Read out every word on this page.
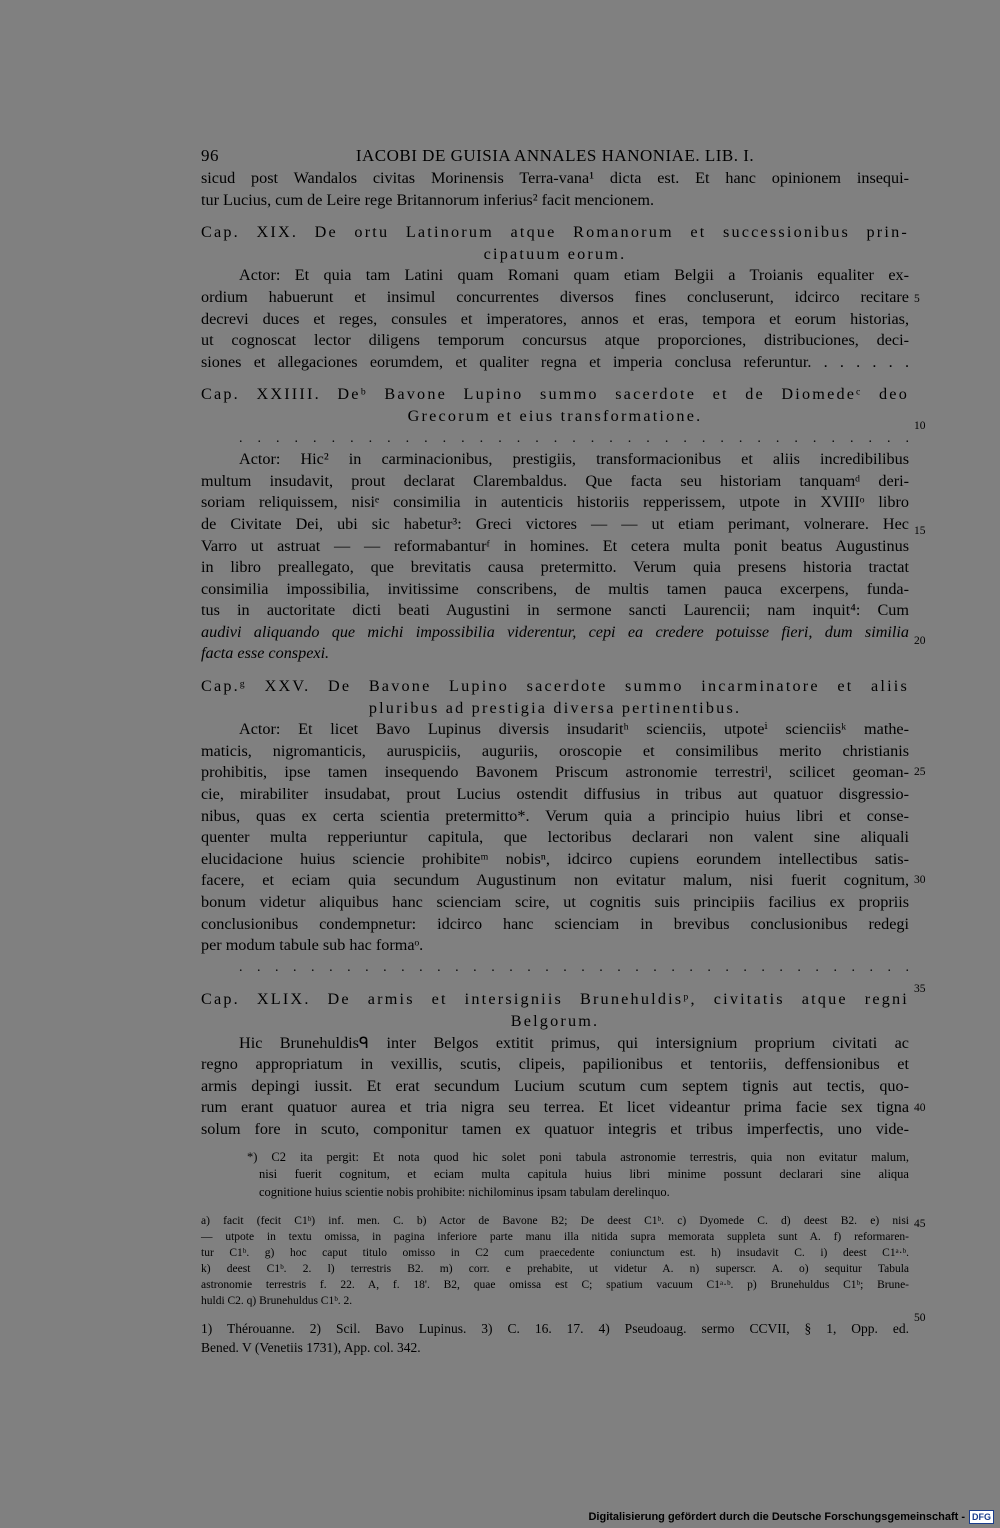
96	IACOBI DE GUISIA ANNALES HANONIAE. LIB. I.
sicud post Wandalos civitas Morinensis Terra-vana¹ dicta est. Et hanc opinionem insequi-
tur Lucius, cum de Leire rege Britannorum inferius² facit mencionem.
Cap. XIX. De ortu Latinorum atque Romanorum et successionibus prin-
cipatuum eorum.
Actor: Et quia tam Latini quam Romani quam etiam Belgii a Troianis equaliter ex-
ordium habuerunt et insimul concurrentes diversos fines concluserunt, idcirco recitare
decrevi duces et reges, consules et imperatores, annos et eras, tempora et eorum historias,
ut cognoscat lector diligens temporum concursus atque proporciones, distribuciones, deci-
siones et allegaciones eorumdem, et qualiter regna et imperia conclusa referuntur. . . . . . .
Cap. XXIIII. Deᵇ Bavone Lupino summo sacerdote et de Diomedeᶜ deo
Grecorum et eius transformatione.
. . . . . . . . . . . . . . . . . . . . . . . . . . . . . . . . . . . . .
Actor: Hic² in carminacionibus, prestigiis, transformacionibus et aliis incredibilibus
multum insudavit, prout declarat Clarembaldus. Que facta seu historiam tanquamᵈ deri-
soriam reliquissem, nisiᵉ consimilia in autenticis historiis repperissem, utpote in XVIIIᵒ libro
de Civitate Dei, ubi sic habetur³: Greci victores — — ut etiam perimant, volnerare. Hec
Varro ut astruat — — reformabanturᶠ in homines. Et cetera multa ponit beatus Augustinus
in libro preallegato, que brevitatis causa pretermitto. Verum quia presens historia tractat
consimilia impossibilia, invitissime conscribens, de multis tamen pauca excerpens, funda-
tus in auctoritate dicti beati Augustini in sermone sancti Laurencii; nam inquit⁴: Cum
audivi aliquando que michi impossibilia viderentur, cepi ea credere potuisse fieri, dum similia
facta esse conspexi.
Cap.ᵍ XXV. De Bavone Lupino sacerdote summo incarminatore et aliis
pluribus ad prestigia diversa pertinentibus.
Actor: Et licet Bavo Lupinus diversis insudaritʰ scienciis, utpoteⁱ scienciisᵏ mathe-
maticis, nigromanticis, auruspiciis, auguriis, oroscopie et consimilibus merito christianis
prohibitis, ipse tamen insequendo Bavonem Priscum astronomie terrestriˡ, scilicet geoman-
cie, mirabiliter insudabat, prout Lucius ostendit diffusius in tribus aut quatuor disgressio-
nibus, quas ex certa scientia pretermitto*. Verum quia a principio huius libri et conse-
quenter multa repperiuntur capitula, que lectoribus declarari non valent sine aliquali
elucidacione huius sciencie prohibiteᵐ nobisⁿ, idcirco cupiens eorundem intellectibus satis-
facere, et eciam quia secundum Augustinum non evitatur malum, nisi fuerit cognitum,
bonum videtur aliquibus hanc scienciam scire, ut cognitis suis principiis facilius ex propriis
conclusionibus condempnetur: idcirco hanc scienciam in brevibus conclusionibus redegi
per modum tabule sub hac formaᵒ.
. . . . . . . . . . . . . . . . . . . . . . . . . . . . . . . . . . . . . .
Cap. XLIX. De armis et intersigniis Brunehuldisᵖ, civitatis atque regni
Belgorum.
Hic Brunehuldisᑫ inter Belgos extitit primus, qui intersignium proprium civitati ac
regno appropriatum in vexillis, scutis, clipeis, papilionibus et tentoriis, deffensionibus et
armis depingi iussit. Et erat secundum Lucium scutum cum septem tignis aut tectis, quo-
rum erant quatuor aurea et tria nigra seu terrea. Et licet videantur prima facie sex tigna
solum fore in scuto, componitur tamen ex quatuor integris et tribus imperfectis, uno vide-
*) C2 ita pergit: Et nota quod hic solet poni tabula astronomie terrestris, quia non evitatur malum,
nisi fuerit cognitum, et eciam multa capitula huius libri minime possunt declarari sine aliqua
cognitione huius scientie nobis prohibite: nichilominus ipsam tabulam derelinquo.
a) facit (fecit C1ᵇ) inf. men. C. b) Actor de Bavone B2; De deest C1ᵇ. c) Dyomede C. d) deest B2. e) nisi
— utpote in textu omissa, in pagina inferiore parte manu illa nitida supra memorata suppleta sunt A. f) reformaren-
tur C1ᵇ. g) hoc caput titulo omisso in C2 cum praecedente coniunctum est. h) insudavit C. i) deest C1ᵃ·ᵇ.
k) deest C1ᵇ. 2. l) terrestris B2. m) corr. e prehabite, ut videtur A. n) superscr. A. o) sequitur Tabula
astronomie terrestris f. 22. A, f. 18'. B2, quae omissa est C; spatium vacuum C1ᵃ·ᵇ. p) Brunehuldus C1ᵇ; Brune-
huldi C2. q) Brunehuldus C1ᵇ. 2.
1) Thérouanne. 2) Scil. Bavo Lupinus. 3) C. 16. 17. 4) Pseudoaug. sermo CCVII, § 1, Opp. ed.
Bened. V (Venetiis 1731), App. col. 342.
5
10
15
20
25
30
35
40
45
50
Digitalisierung gefördert durch die Deutsche Forschungsgemeinschaft - DFG
